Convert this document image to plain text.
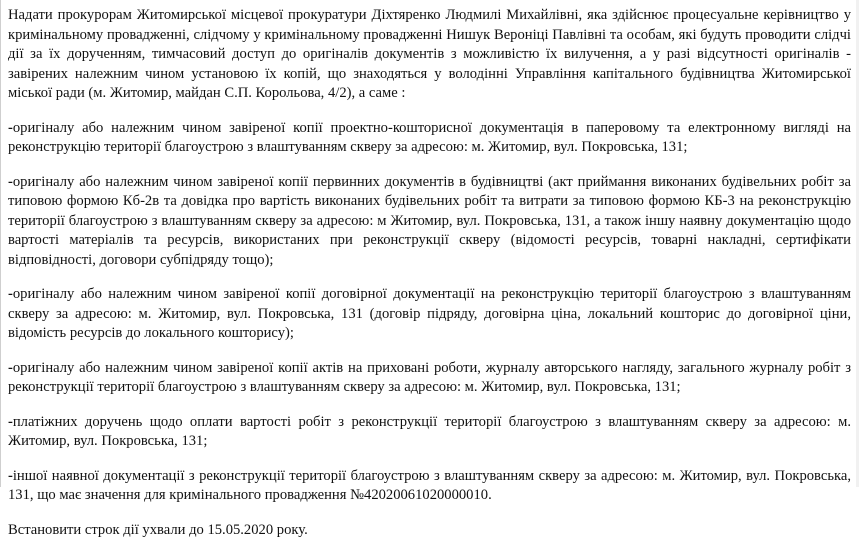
Надати прокурорам Житомирської місцевої прокуратури Діхтяренко Людмилі Михайлівні, яка здійснює процесуальне керівництво у кримінальному провадженні, слідчому у кримінальному провадженні Нишук Вероніці Павлівні та особам, які будуть проводити слідчі дії за їх дорученням, тимчасовий доступ до оригіналів документів з можливістю їх вилучення, а у разі відсутності оригіналів - завірених належним чином установою їх копій, що знаходяться у володінні Управління капітального будівництва Житомирської міської ради (м. Житомир, майдан С.П. Корольова, 4/2), а саме :

-оригіналу або належним чином завіреної копії проектно-кошторисної документація в паперовому та електронному вигляді на реконструкцію території благоустрою з влаштуванням скверу за адресою: м. Житомир, вул. Покровська, 131;

-оригіналу або належним чином завіреної копії первинних документів в будівництві (акт приймання виконаних будівельних робіт за типовою формою Кб-2в та довідка про вартість виконаних будівельних робіт та витрати за типовою формою КБ-3 на реконструкцію території благоустрою з влаштуванням скверу за адресою: м Житомир, вул. Покровська, 131, а також іншу наявну документацію щодо вартості матеріалів та ресурсів, використаних при реконструкції скверу (відомості ресурсів, товарні накладні, сертифікати відповідності, договори субпідряду тощо);

-оригіналу або належним чином завіреної копії договірної документації на реконструкцію території благоустрою з влаштуванням скверу за адресою: м. Житомир, вул. Покровська, 131 (договір підряду, договірна ціна, локальний кошторис до договірної ціни, відомість ресурсів до локального кошторису);

-оригіналу або належним чином завіреної копії актів на приховані роботи, журналу авторського нагляду, загального журналу робіт з реконструкції території благоустрою з влаштуванням скверу за адресою: м. Житомир, вул. Покровська, 131;

-платіжних доручень щодо оплати вартості робіт з реконструкції території благоустрою з влаштуванням скверу за адресою: м. Житомир, вул. Покровська, 131;

-іншої наявної документації з реконструкції території благоустрою з влаштуванням скверу за адресою: м. Житомир, вул. Покровська, 131, що має значення для кримінального провадження №42020061020000010.

Встановити строк дії ухвали до 15.05.2020 року.
